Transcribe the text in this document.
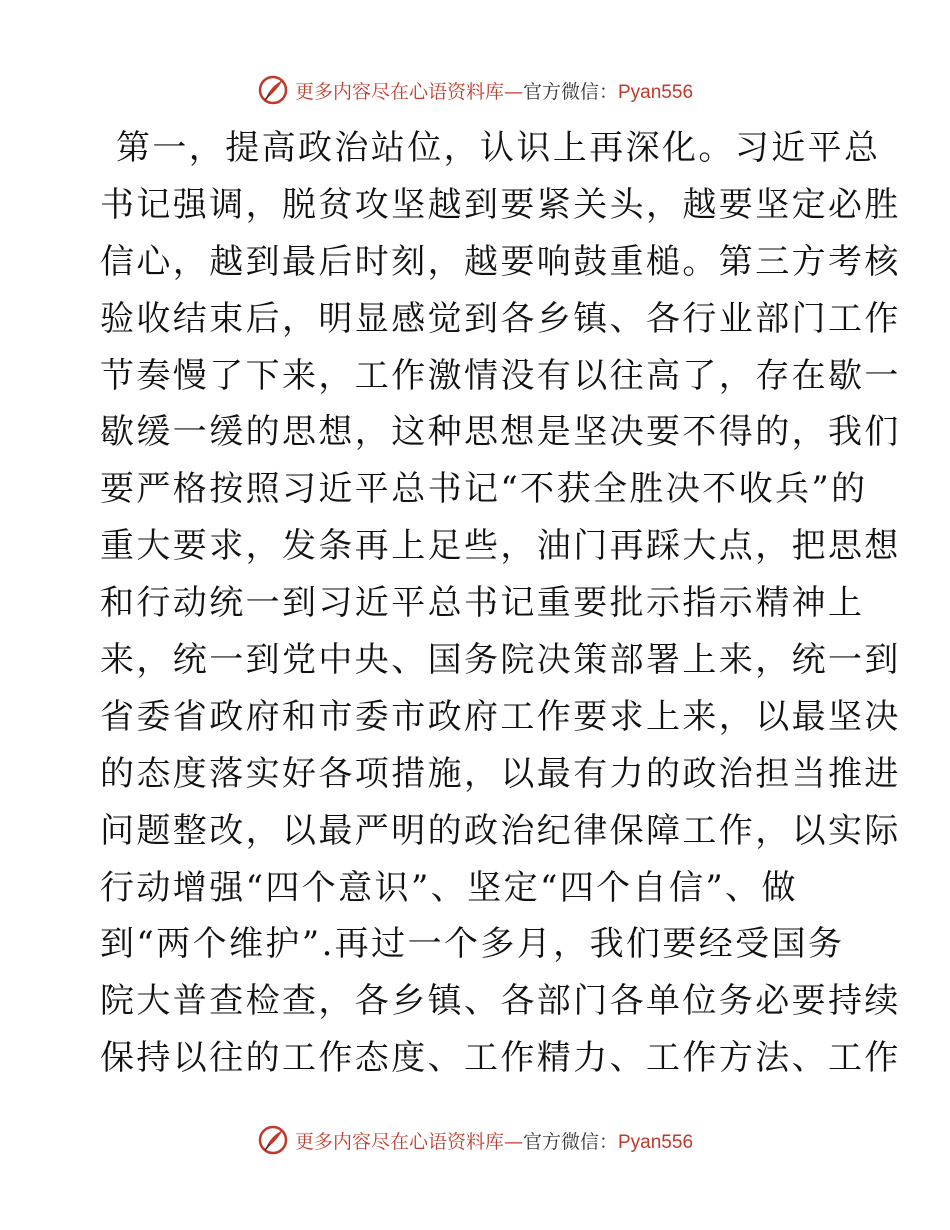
更多内容尽在心语资料库—官方微信：Pyan556
第一，提高政治站位，认识上再深化。习近平总
书记强调，脱贫攻坚越到要紧关头，越要坚定必胜
信心，越到最后时刻，越要响鼓重槌。第三方考核
验收结束后，明显感觉到各乡镇、各行业部门工作
节奏慢了下来，工作激情没有以往高了，存在歇一
歇缓一缓的思想，这种思想是坚决要不得的，我们
要严格按照习近平总书记“不获全胜决不收兵”的
重大要求，发条再上足些，油门再踩大点，把思想
和行动统一到习近平总书记重要批示指示精神上
来，统一到党中央、国务院决策部署上来，统一到
省委省政府和市委市政府工作要求上来，以最坚决
的态度落实好各项措施，以最有力的政治担当推进
问题整改，以最严明的政治纪律保障工作，以实际
行动增强“四个意识”、坚定“四个自信”、做
到“两个维护”.再过一个多月，我们要经受国务
院大普查检查，各乡镇、各部门各单位务必要持续
保持以往的工作态度、工作精力、工作方法、工作
更多内容尽在心语资料库—官方微信：Pyan556
